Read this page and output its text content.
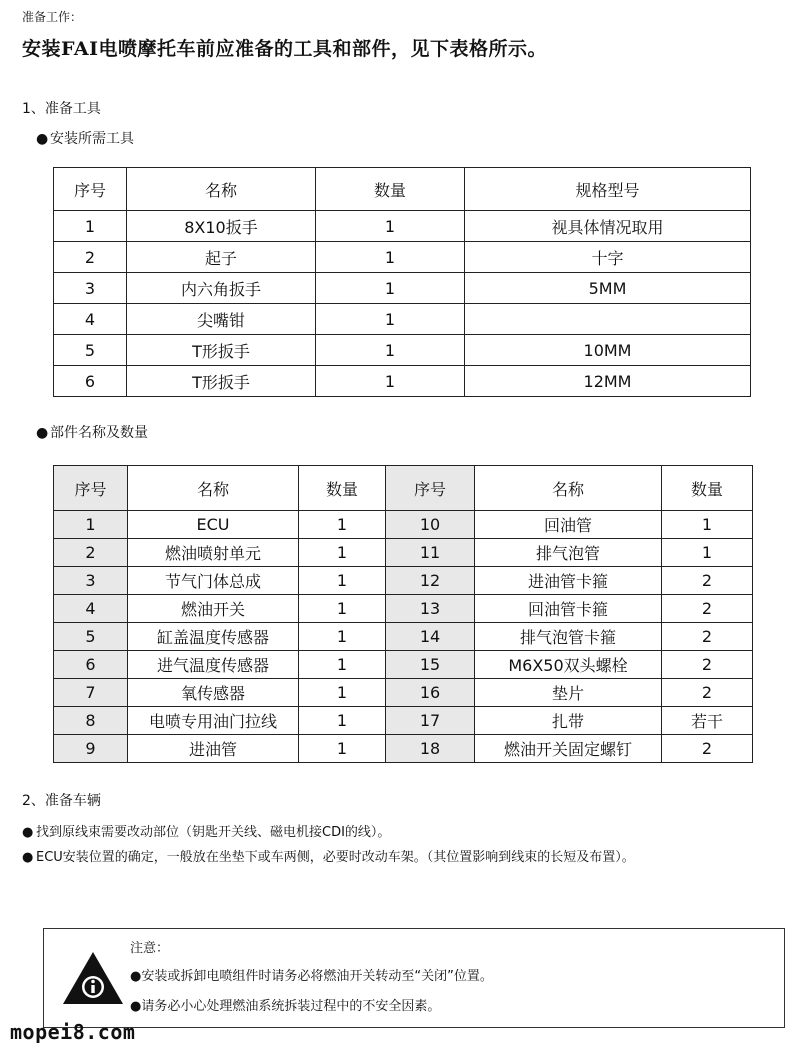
准备工作：
安装FAI电喷摩托车前应准备的工具和部件，见下表格所示。
1、准备工具
● 安装所需工具
序号	名称	数量	规格型号
1	8X10扳手	1	视具体情况取用
2	起子	1	十字
3	内六角扳手	1	5MM
4	尖嘴钳	1	
5	T形扳手	1	10MM
6	T形扳手	1	12MM
● 部件名称及数量
序号	名称	数量	序号	名称	数量
1	ECU	1	10	回油管	1
2	燃油喷射单元	1	11	排气泡管	1
3	节气门体总成	1	12	进油管卡箍	2
4	燃油开关	1	13	回油管卡箍	2
5	缸盖温度传感器	1	14	排气泡管卡箍	2
6	进气温度传感器	1	15	M6X50双头螺栓	2
7	氧传感器	1	16	垫片	2
8	电喷专用油门拉线	1	17	扎带	若干
9	进油管	1	18	燃油开关固定螺钉	2
2、准备车辆
● 找到原线束需要改动部位（钥匙开关线、磁电机接CDI的线）。
● ECU安装位置的确定，一般放在坐垫下或车两侧，必要时改动车架。（其位置影响到线束的长短及布置）。
注意：
●安装或拆卸电喷组件时请务必将燃油开关转动至“关闭”位置。
●请务必小心处理燃油系统拆装过程中的不安全因素。
mopei8.com
